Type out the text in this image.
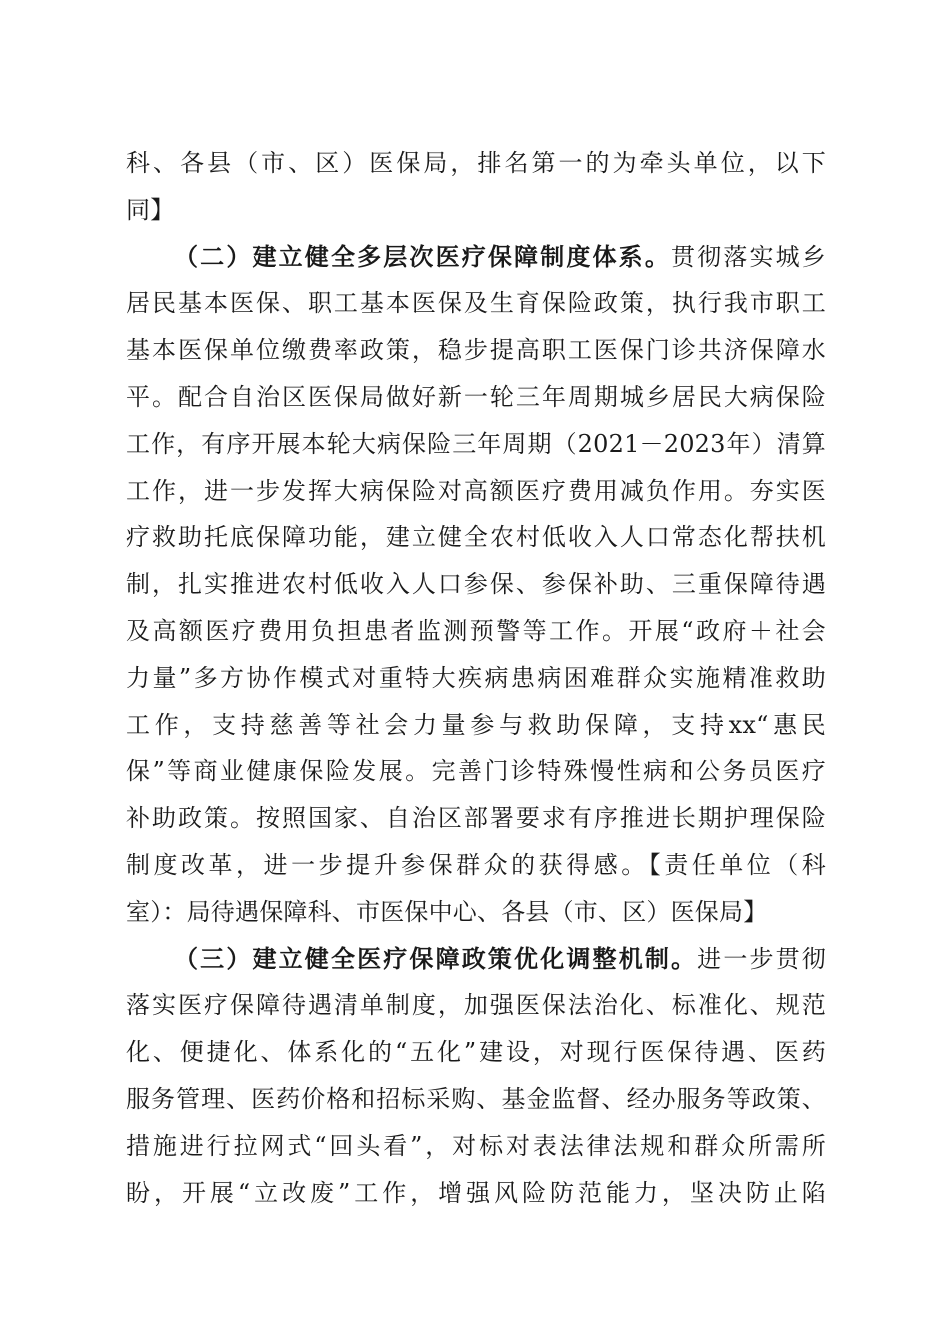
科、各县（市、区）医保局，排名第一的为牵头单位，以下
同】
（二）建立健全多层次医疗保障制度体系。贯彻落实城乡
居民基本医保、职工基本医保及生育保险政策，执行我市职工
基本医保单位缴费率政策，稳步提高职工医保门诊共济保障水
平。配合自治区医保局做好新一轮三年周期城乡居民大病保险
工作，有序开展本轮大病保险三年周期（2021－2023年）清算
工作，进一步发挥大病保险对高额医疗费用减负作用。夯实医
疗救助托底保障功能，建立健全农村低收入人口常态化帮扶机
制，扎实推进农村低收入人口参保、参保补助、三重保障待遇
及高额医疗费用负担患者监测预警等工作。开展“政府＋社会
力量”多方协作模式对重特大疾病患病困难群众实施精准救助
工作，支持慈善等社会力量参与救助保障，支持xx“惠民
保”等商业健康保险发展。完善门诊特殊慢性病和公务员医疗
补助政策。按照国家、自治区部署要求有序推进长期护理保险
制度改革，进一步提升参保群众的获得感。【责任单位（科
室）：局待遇保障科、市医保中心、各县（市、区）医保局】
（三）建立健全医疗保障政策优化调整机制。进一步贯彻
落实医疗保障待遇清单制度，加强医保法治化、标准化、规范
化、便捷化、体系化的“五化”建设，对现行医保待遇、医药
服务管理、医药价格和招标采购、基金监督、经办服务等政策、
措施进行拉网式“回头看”，对标对表法律法规和群众所需所
盼，开展“立改废”工作，增强风险防范能力，坚决防止陷
